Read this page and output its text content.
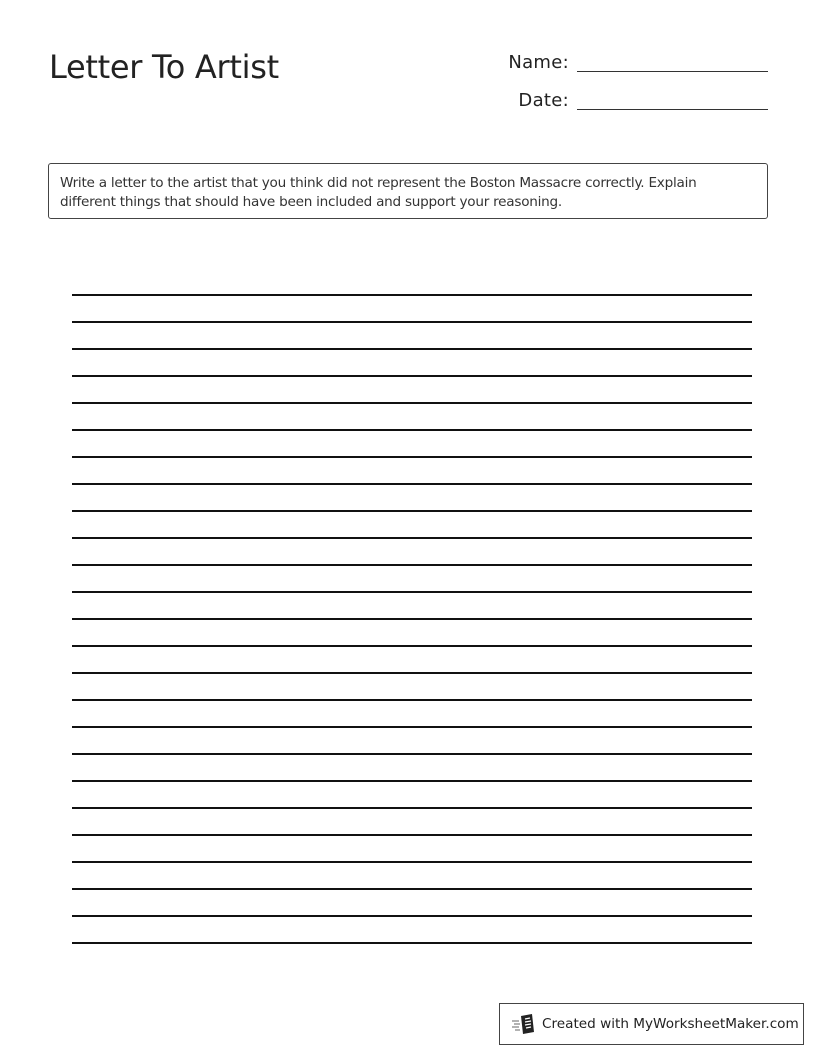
Letter To Artist	Name:
Date:
Write a letter to the artist that you think did not represent the Boston Massacre correctly. Explain different things that should have been included and support your reasoning.
Created with MyWorksheetMaker.com
